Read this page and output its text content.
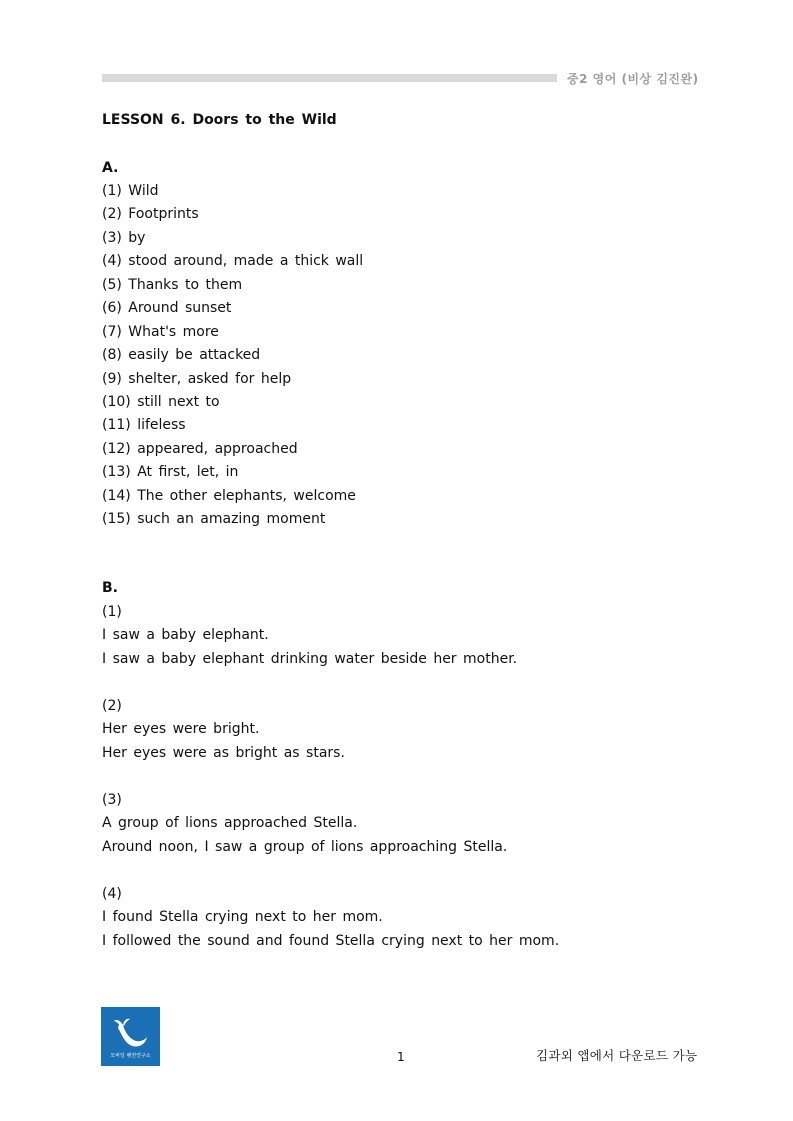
중2 영어 (비상 김진완)
LESSON 6. Doors to the Wild
A.
(1) Wild
(2) Footprints
(3) by
(4) stood around, made a thick wall
(5) Thanks to them
(6) Around sunset
(7) What's more
(8) easily be attacked
(9) shelter, asked for help
(10) still next to
(11) lifeless
(12) appeared, approached
(13) At first, let, in
(14) The other elephants, welcome
(15) such an amazing moment
B.
(1)
I saw a baby elephant.
I saw a baby elephant drinking water beside her mother.
(2)
Her eyes were bright.
Her eyes were as bright as stars.
(3)
A group of lions approached Stella.
Around noon, I saw a group of lions approaching Stella.
(4)
I found Stella crying next to her mom.
I followed the sound and found Stella crying next to her mom.
모바일 펭귄연구소	1	김과외 앱에서 다운로드 가능
